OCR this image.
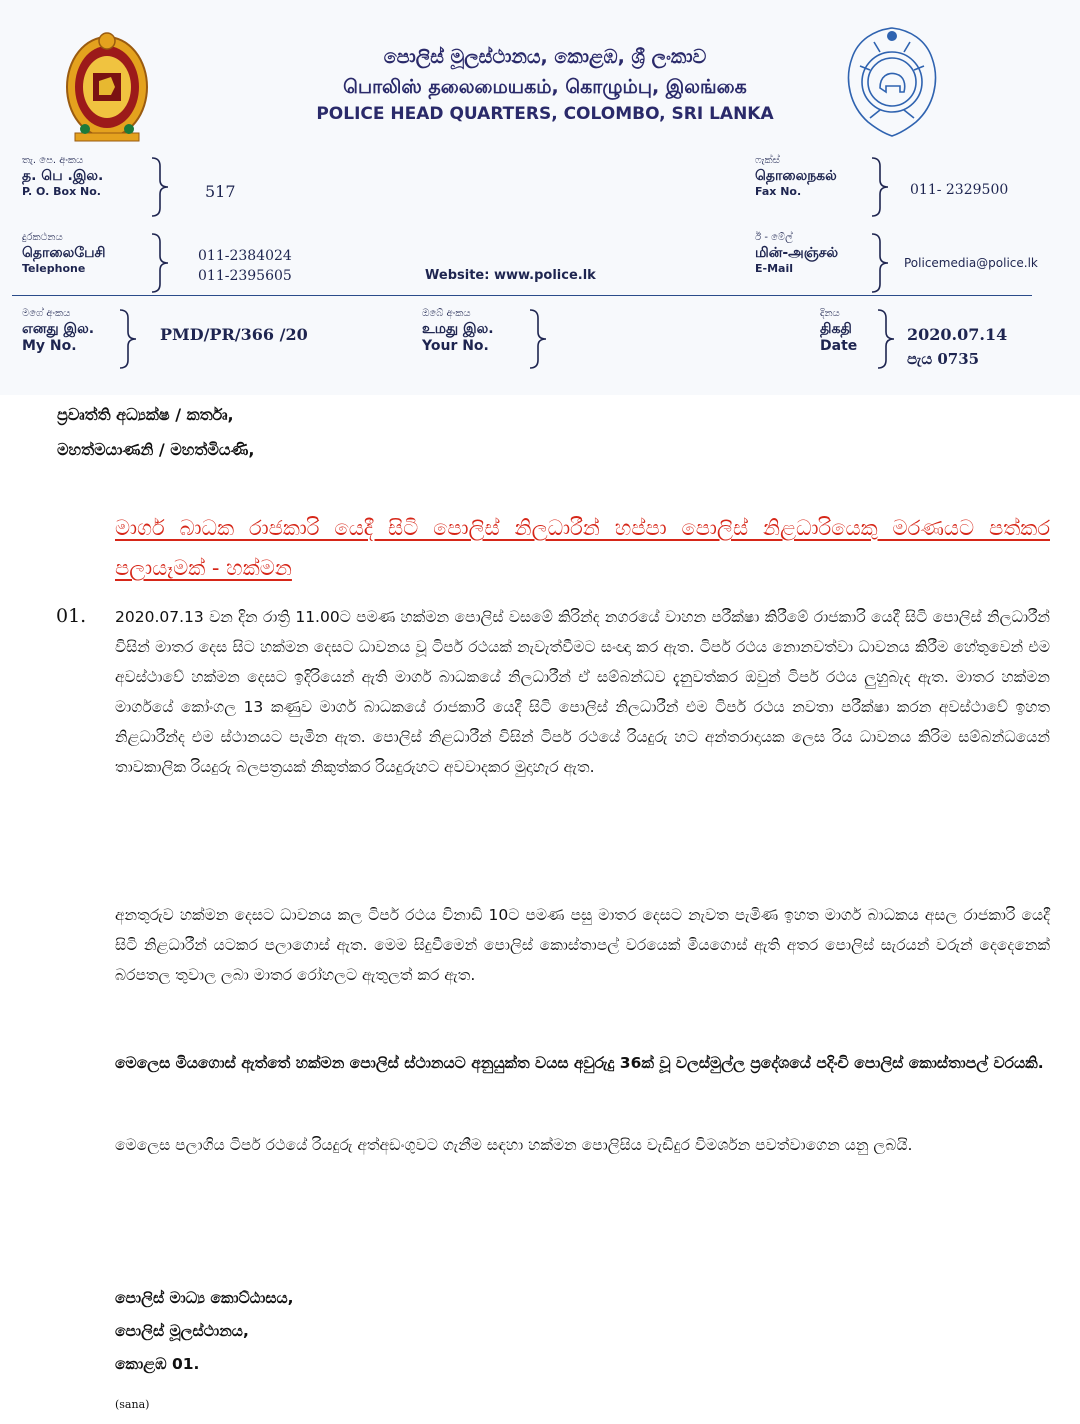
පොලිස් මූලස්ථානය, කොළඹ, ශ්‍රී ලංකාව
பொலிஸ் தலைமையகம், கொழும்பு, இலங்கை
POLICE HEAD QUARTERS, COLOMBO, SRI LANKA
තැ. පෙ. අංකය
த. பெ .இல.
P. O. Box No.	517
ෆැක්ස්
தொலைநகல்
Fax No.	011- 2329500
දුරකථනය
தொலைபேசி
Telephone
011-2384024
011-2395605	Website: www.police.lk
ඊ - මේල්
மின்-அஞ்சல்
E-Mail	Policemedia@police.lk
මගේ අංකය
எனது இல.
My No.
PMD/PR/366 /20
ඔබේ අංකය
உமது இல.
Your No.
දිනය
திகதி
Date
2020.07.14
පැය 0735
ප්‍රවෘත්ති අධ්‍යක්ෂ / කර්තෘ,
මහත්මයාණනි / මහත්මියණි,
මාර්ග බාධක රාජකාරි යෙදී සිටි පොලිස් නිලධාරීන් හප්පා පොලිස් නිළධාරියෙකු මරණයට පත්කර පලායෑමක් - හක්මන
01. 2020.07.13 වන දින රාත්‍රි 11.00ට පමණ හක්මන පොලිස් වසමේ කිරින්ද නගරයේ වාහන පරීක්ෂා කිරීමේ රාජකාරි යෙදී සිටි පොලිස් නිලධාරීන් විසින් මාතර දෙස සිට හක්මන දෙසට ධාවනය වූ ටිපර් රථයක් නැවැත්වීමට සංඥා කර ඇත. ටිපර් රථය නොනවත්වා ධාවනය කිරීම හේතුවෙන් එම අවස්ථාවේ හක්මන දෙසට ඉදිරියෙන් ඇති මාර්ග බාධකයේ නිලධාරීන් ඒ සම්බන්ධව දැනුවත්කර ඔවුන් ටිපර් රථය ලුහුබැද ඇත. මාතර හක්මන මාර්ගයේ කෝංගල 13 කණුව මාර්ග බාධකයේ රාජකාරි යෙදී සිටි පොලිස් නිලධාරීන් එම ටිපර් රථය නවතා පරීක්ෂා කරන අවස්ථාවේ ඉහත නිළධාරීන්ද එම ස්ථානයට පැමින ඇත. පොලිස් නිළධාරීන් විසින් ටිපර් රථයේ රියදුරු හට අන්තරාදායක ලෙස රිය ධාවනය කිරිම සම්බන්ධයෙන් තාවකාලික රියදුරු බලපත්‍රයක් නිකුත්කර රියදුරුහට අවවාදකර මුදාහැර ඇත.
අනතුරුව හක්මන දෙසට ධාවනය කල ටිපර් රථය විනාඩි 10ට පමණ පසු මාතර දෙසට නැවත පැමිණ ඉහත මාර්ග බාධකය අසල රාජකාරි යෙදී සිටි නිළධාරීන් යටකර පලාගොස් ඇත. මෙම සිදුවීමෙන් පොලිස් කොස්තාපල් වරයෙක් මියගොස් ඇති අතර පොලිස් සැරයන් වරුන් දෙදෙනෙක් බරපතල තුවාල ලබා මාතර රෝහලට ඇතුලත් කර ඇත.
මෙලෙස මියගොස් ඇත්තේ හක්මන පොලිස් ස්ථානයට අනුයුක්ත වයස අවුරුදු 36ක් වූ වලස්මුල්ල ප්‍රදේශයේ පදිංචි පොලිස් කොස්තාපල් වරයකි.
මෙලෙස පලාගිය ටිපර් රථයේ රියදුරු අත්අඩංගුවට ගැනීම සඳහා හක්මන පොලිසිය වැඩිදුර විමර්ශන පවත්වාගෙන යනු ලබයි.
පොලිස් මාධ්‍ය කොට්ඨාසය,
පොලිස් මූලස්ථානය,
කොළඹ 01.
(sana)
